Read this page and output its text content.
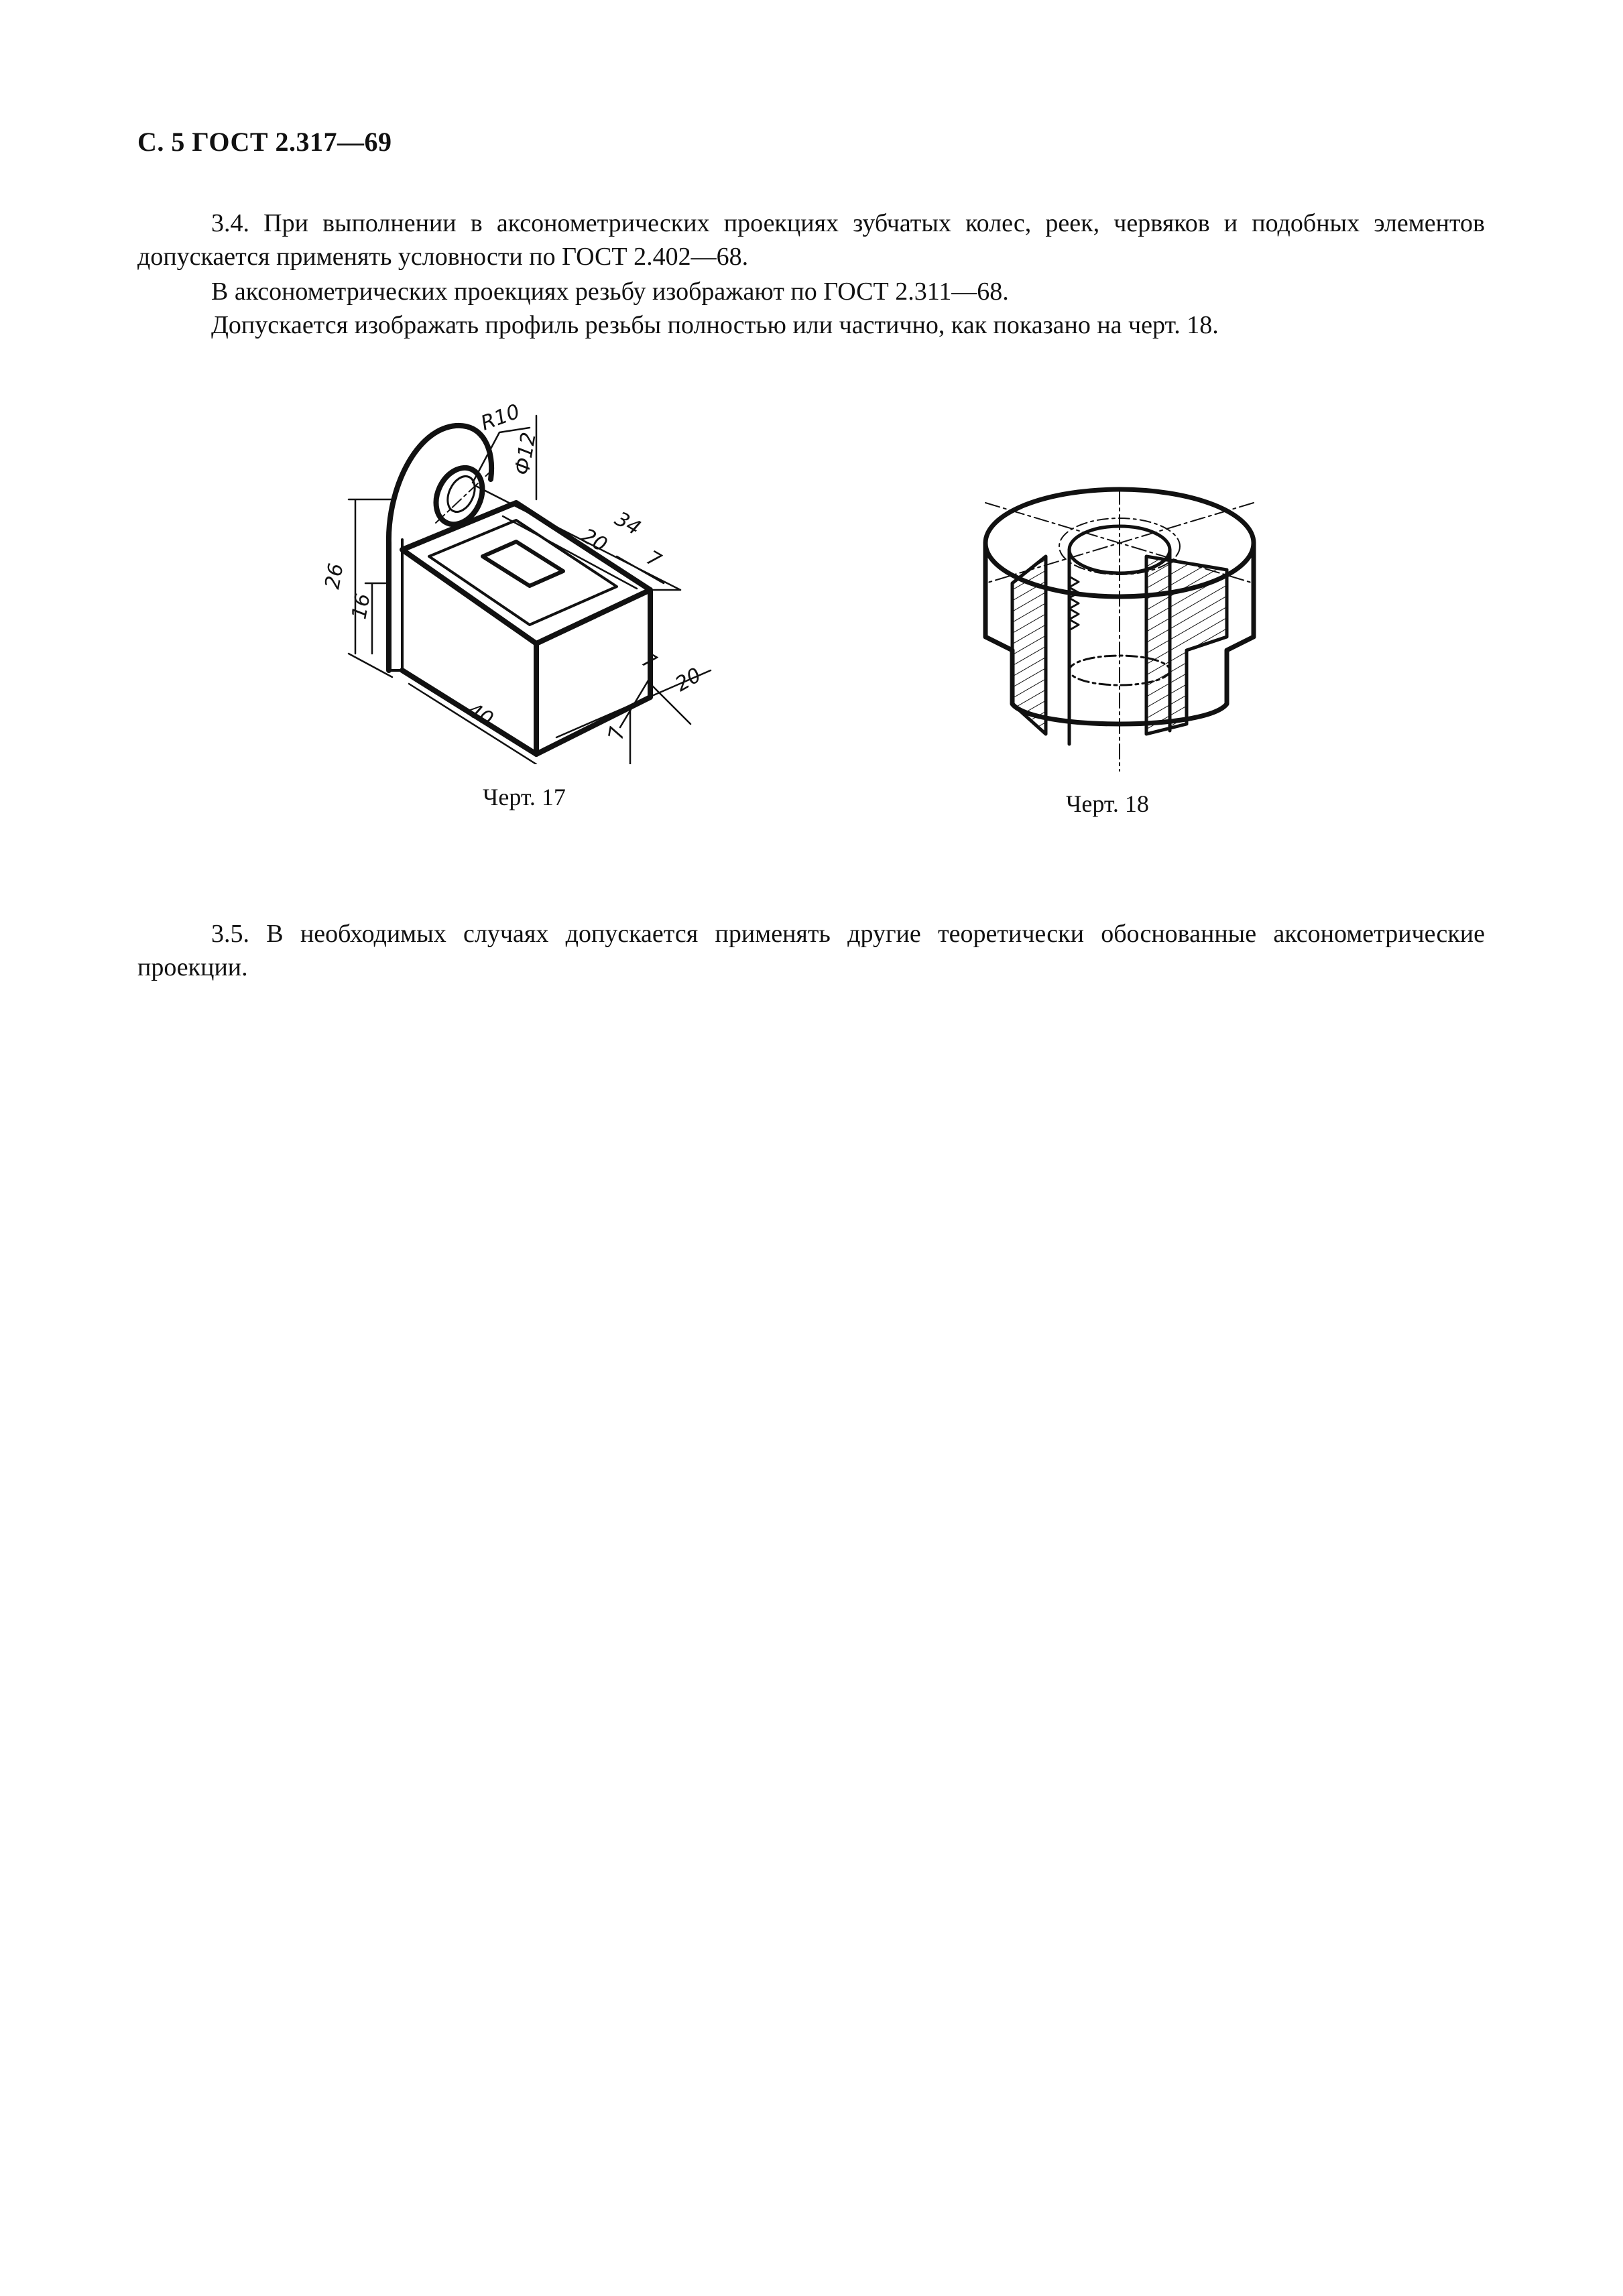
С. 5 ГОСТ 2.317—69

3.4. При выполнении в аксонометрических проекциях зубчатых колес, реек, червяков и подобных элементов допускается применять условности по ГОСТ 2.402—68.

В аксонометрических проекциях резьбу изображают по ГОСТ 2.311—68.

Допускается изображать профиль резьбы полностью или частично, как показано на черт. 18.

R10
Ф12
34
20
7
26
16
40
7
20
7
Черт. 17	Черт. 18

3.5. В необходимых случаях допускается применять другие теоретически обоснованные аксонометрические проекции.
